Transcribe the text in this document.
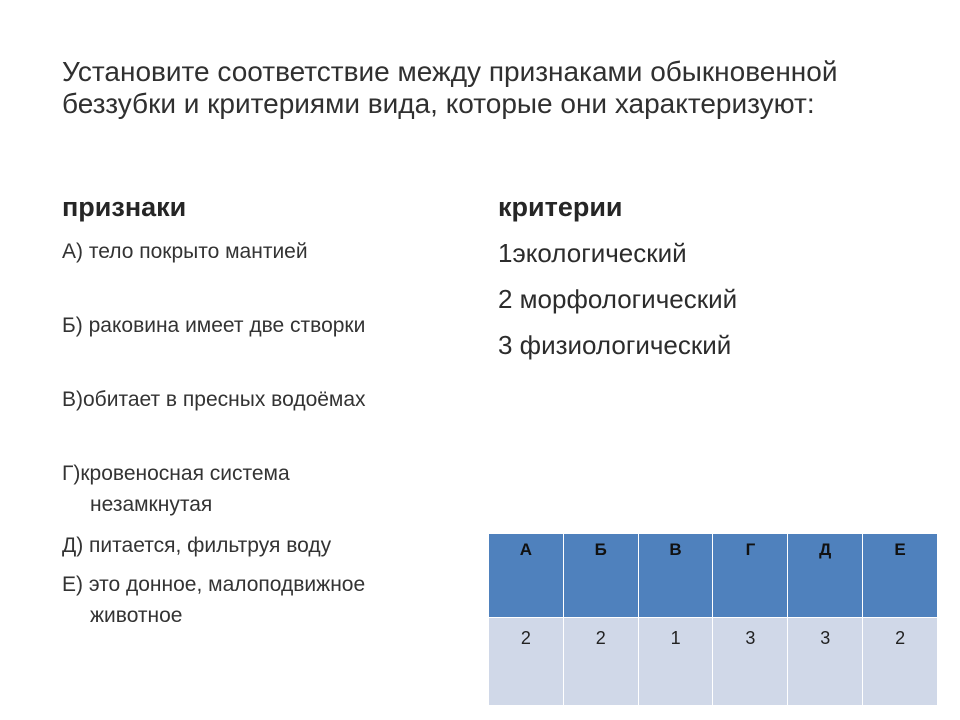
Установите соответствие между признаками обыкновенной беззубки и критериями вида, которые они характеризуют:
признаки	критерии
А) тело покрыто мантией
Б) раковина имеет две створки
В)обитает в пресных водоёмах
Г)кровеносная система
незамкнутая
Д) питается, фильтруя воду
Е) это донное, малоподвижное
животное
1экологический
2 морфологический
3 физиологический
А	Б	В	Г	Д	Е
2	2	1	3	3	2
